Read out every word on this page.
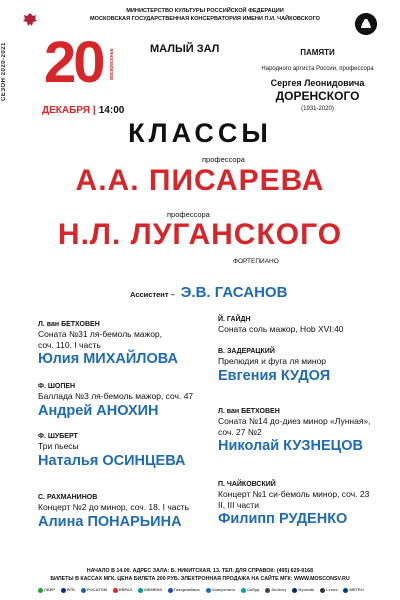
СЕЗОН 2020-2021

МИНИСТЕРСТВО КУЛЬТУРЫ РОССИЙСКОЙ ФЕДЕРАЦИИ
МОСКОВСКАЯ ГОСУДАРСТВЕННАЯ КОНСЕРВАТОРИЯ ИМЕНИ П.И. ЧАЙКОВСКОГО
20 воскресенье
ДЕКАБРЯ | 14:00
МАЛЫЙ ЗАЛ	ПАМЯТИ
Народного артиста России, профессора
Сергея Леонидовича
ДОРЕНСКОГО
(1931-2020)
КЛАССЫ
профессора
А.А. ПИСАРЕВА
профессора
Н.Л. ЛУГАНСКОГО
ФОРТЕПИАНО
Ассистент – Э.В. ГАСАНОВ
Л. ван БЕТХОВЕН
Соната №31 ля-бемоль мажор,
соч. 110. I часть
Юлия МИХАЙЛОВА
Ф. ШОПЕН
Баллада №3 ля-бемоль мажор, соч. 47
Андрей АНОХИН
Ф. ШУБЕРТ
Три пьесы
Наталья ОСИНЦЕВА
С. РАХМАНИНОВ
Концерт №2 до минор, соч. 18. I часть
Алина ПОНАРЬИНА
Й. ГАЙДН
Соната соль мажор, Hob XVI:40
В. ЗАДЕРАЦКИЙ
Прелюдия и фуга ля минор
Евгения КУДОЯ
Л. ван БЕТХОВЕН
Соната №14 до-диез минор «Лунная»,
соч. 27 №2
Николай КУЗНЕЦОВ
П. ЧАЙКОВСКИЙ
Концерт №1 си-бемоль минор, соч. 23
II, III части
Филипп РУДЕНКО
НАЧАЛО В 14.00. АДРЕС ЗАЛА: Б. НИКИТСКАЯ, 13. ТЕЛ. ДЛЯ СПРАВОК: (495) 629-9168
БИЛЕТЫ В КАССАХ МГК. ЦЕНА БИЛЕТА 200 РУБ. ЭЛЕКТРОННАЯ ПРОДАЖА НА САЙТЕ МГК: WWW.MOSCONSV.RU
СБЕР	ВТБ	РОСАТОМ	ЕВРАЗ	SIEMENS	Газпромбанк	Северсталь	Сибур	Suntory	Hyundai	Lexus	METRO
